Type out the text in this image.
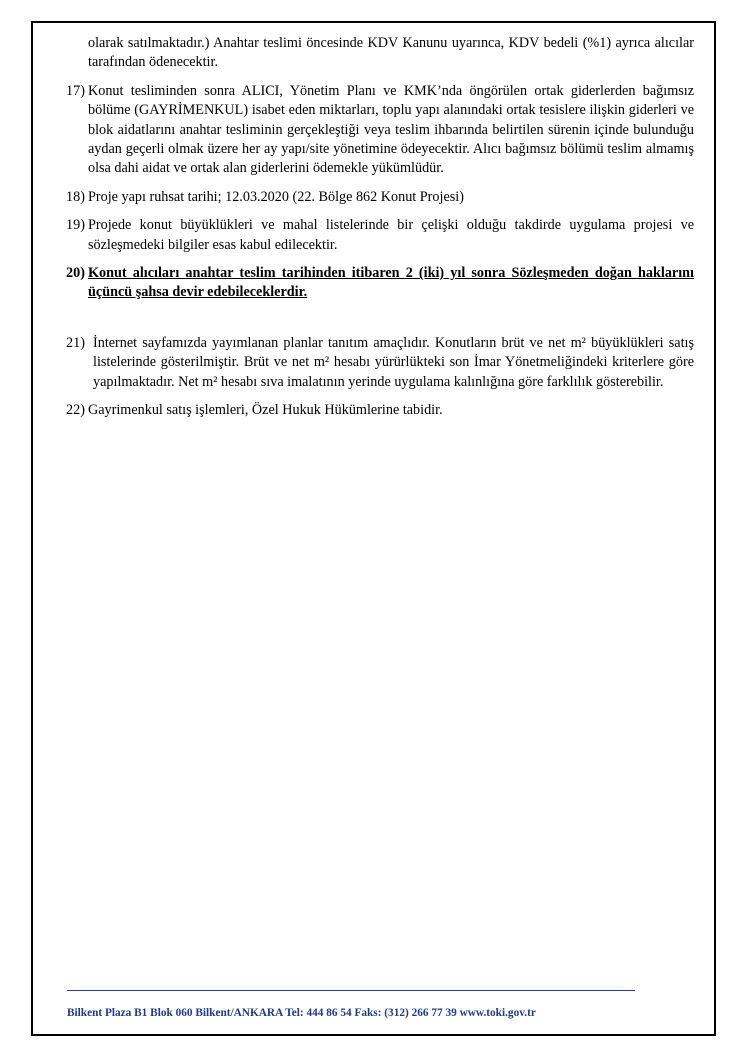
olarak satılmaktadır.) Anahtar teslimi öncesinde KDV Kanunu uyarınca, KDV bedeli (%1) ayrıca alıcılar tarafından ödenecektir.
17) Konut tesliminden sonra ALICI, Yönetim Planı ve KMK’nda öngörülen ortak giderlerden bağımsız bölüme (GAYRİMENKUL) isabet eden miktarları, toplu yapı alanındaki ortak tesislere ilişkin giderleri ve blok aidatlarını anahtar tesliminin gerçekleştiği veya teslim ihbarında belirtilen sürenin içinde bulunduğu aydan geçerli olmak üzere her ay yapı/site yönetimine ödeyecektir. Alıcı bağımsız bölümü teslim almamış olsa dahi aidat ve ortak alan giderlerini ödemekle yükümlüdür.
18) Proje yapı ruhsat tarihi; 12.03.2020 (22. Bölge 862 Konut Projesi)
19) Projede konut büyüklükleri ve mahal listelerinde bir çelişki olduğu takdirde uygulama projesi ve sözleşmedeki bilgiler esas kabul edilecektir.
20) Konut alıcıları anahtar teslim tarihinden itibaren 2 (iki) yıl sonra Sözleşmeden doğan haklarını üçüncü şahsa devir edebileceklerdir.
21) İnternet sayfamızda yayımlanan planlar tanıtım amaçlıdır. Konutların brüt ve net m² büyüklükleri satış listelerinde gösterilmiştir. Brüt ve net m² hesabı yürürlükteki son İmar Yönetmeliğindeki kriterlere göre yapılmaktadır. Net m² hesabı sıva imalatının yerinde uygulama kalınlığına göre farklılık gösterebilir.
22) Gayrimenkul satış işlemleri, Özel Hukuk Hükümlerine tabidir.
Bilkent Plaza B1 Blok 060 Bilkent/ANKARA Tel: 444 86 54 Faks: (312) 266 77 39 www.toki.gov.tr
